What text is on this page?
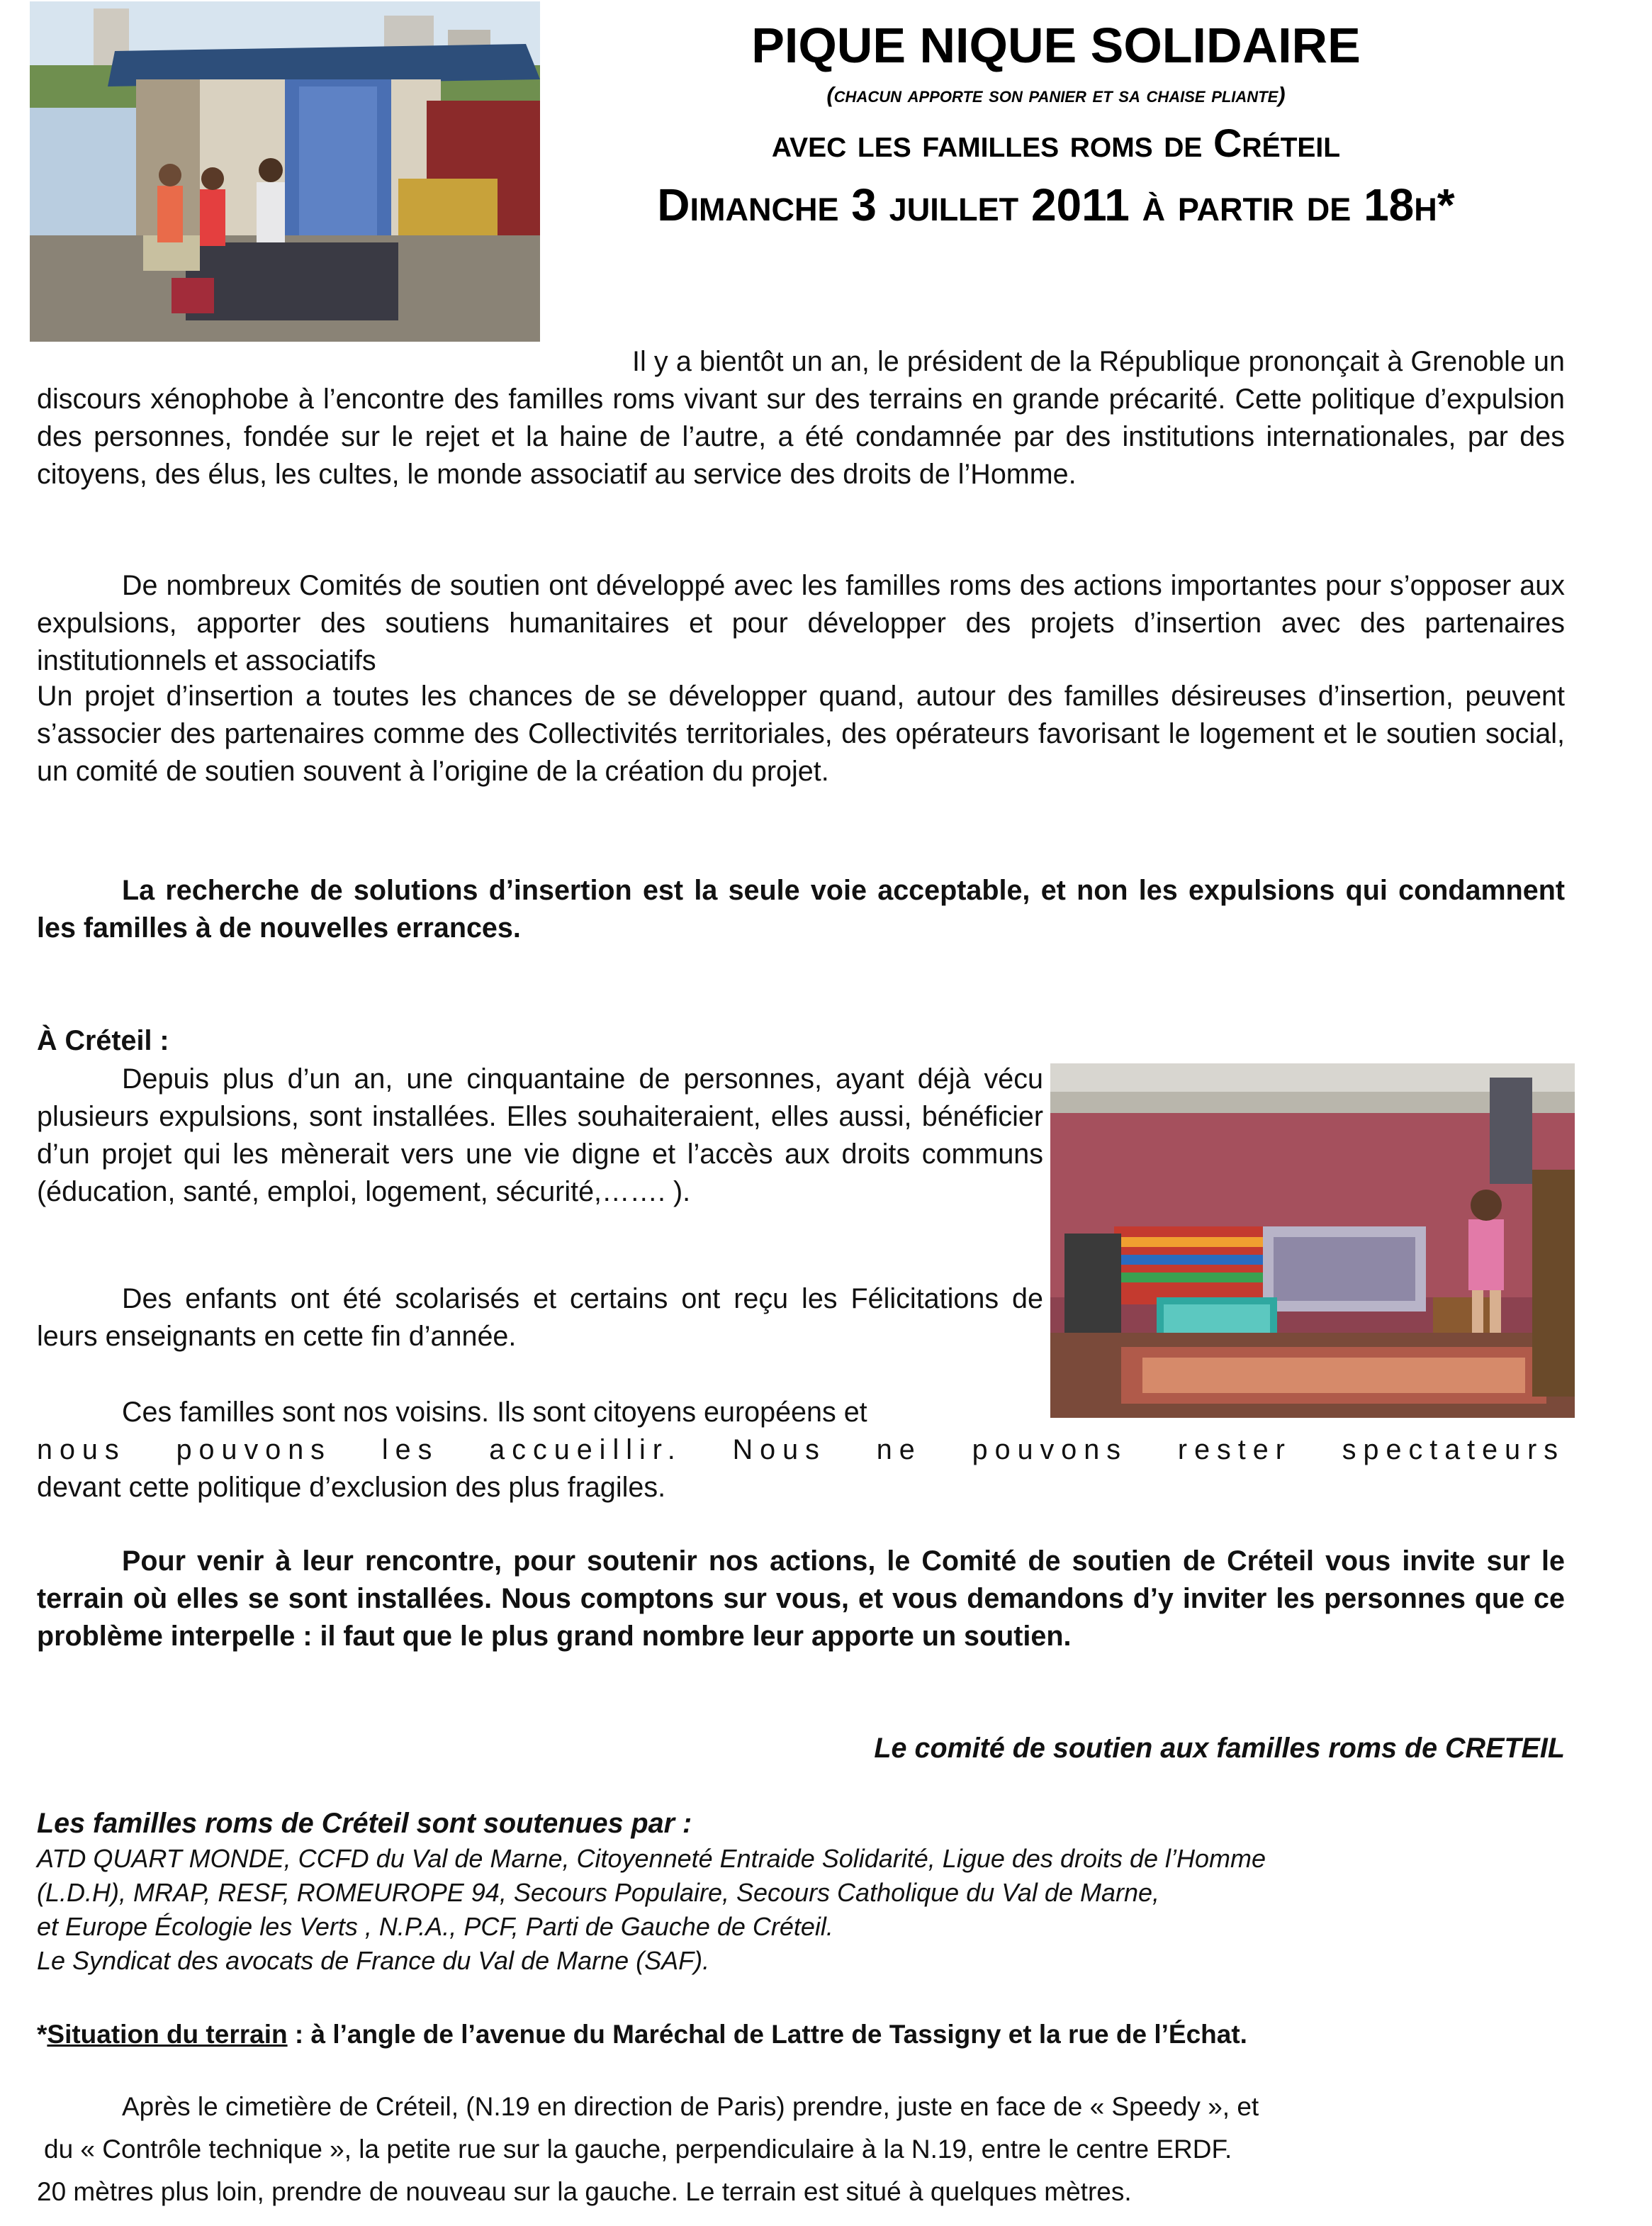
PIQUE NIQUE SOLIDAIRE
(chacun apporte son panier et sa chaise pliante)
avec les familles roms de Créteil
Dimanche 3 juillet 2011 à partir de 18h*

Il y a bientôt un an, le président de la République prononçait à Grenoble un discours xénophobe à l’encontre des familles roms vivant sur des terrains en grande précarité. Cette politique d’expulsion des personnes, fondée sur le rejet et la haine de l’autre, a été condamnée par des institutions internationales, par des citoyens, des élus, les cultes, le monde associatif au service des droits de l’Homme.

De nombreux Comités de soutien ont développé avec les familles roms des actions importantes pour s’opposer aux expulsions, apporter des soutiens humanitaires et pour développer des projets d’insertion avec des partenaires institutionnels et associatifs

Un projet d’insertion a toutes les chances de se développer quand, autour des familles désireuses d’insertion, peuvent s’associer des partenaires comme des Collectivités territoriales, des opérateurs favorisant le logement et le soutien social, un comité de soutien souvent à l’origine de la création du projet.

La recherche de solutions d’insertion est la seule voie acceptable, et non les expulsions qui condamnent les familles à de nouvelles errances.

À Créteil :

Depuis plus d’un an, une cinquantaine de personnes, ayant déjà vécu plusieurs expulsions, sont installées. Elles souhaiteraient, elles aussi, bénéficier d’un projet qui les mènerait vers une vie digne et l’accès aux droits communs (éducation, santé, emploi, logement, sécurité,……. ).

Des enfants ont été scolarisés et certains ont reçu les Félicitations de leurs enseignants en cette fin d’année.

Ces familles sont nos voisins. Ils sont citoyens européens et

nous pouvons les accueillir. Nous ne pouvons rester spectateurs

devant cette politique d’exclusion des plus fragiles.

Pour venir à leur rencontre, pour soutenir nos actions, le Comité de soutien de Créteil vous invite sur le terrain où elles se sont installées. Nous comptons sur vous, et vous demandons d’y inviter les personnes que ce problème interpelle : il faut que le plus grand nombre leur apporte un soutien.

Le comité de soutien aux familles roms de CRETEIL

Les familles roms de Créteil sont soutenues par :

ATD QUART MONDE, CCFD du Val de Marne, Citoyenneté Entraide Solidarité, Ligue des droits de l’Homme
(L.D.H), MRAP, RESF, ROMEUROPE 94, Secours Populaire, Secours Catholique du Val de Marne,
et Europe Écologie les Verts , N.P.A., PCF, Parti de Gauche de Créteil.
Le Syndicat des avocats de France du Val de Marne (SAF).
*Situation du terrain : à l’angle de l’avenue du Maréchal de Lattre de Tassigny et la rue de l’Échat.
Après le cimetière de Créteil, (N.19 en direction de Paris) prendre, juste en face de « Speedy », et
du « Contrôle technique », la petite rue sur la gauche, perpendiculaire à la N.19, entre le centre ERDF.
20 mètres plus loin, prendre de nouveau sur la gauche. Le terrain est situé à quelques mètres.
